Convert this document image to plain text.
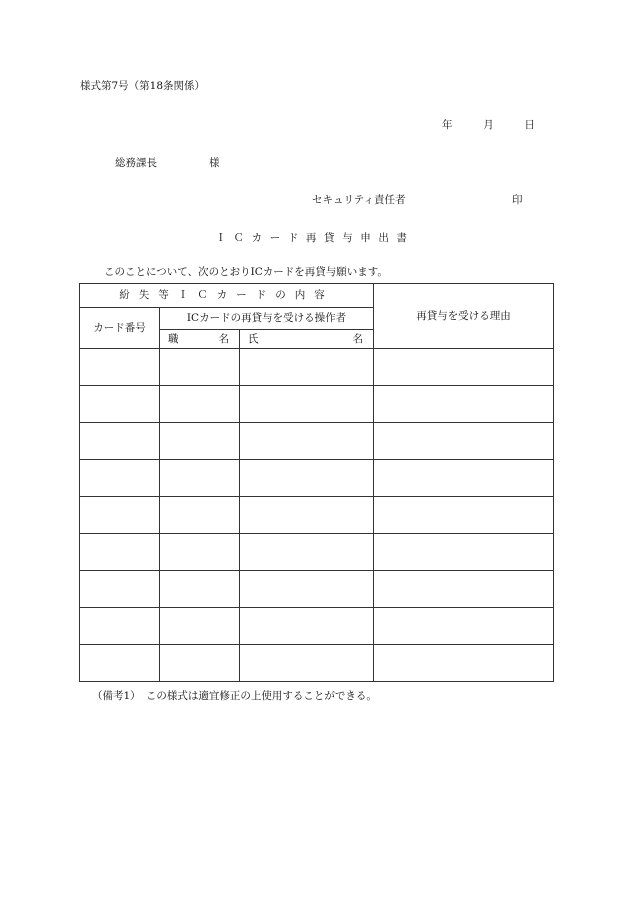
様式第7号（第18条関係）
年	月	日
総務課長	様
セキュリティ責任者	印
ＩＣカード再貸与申出書
このことについて、次のとおりICカードを再貸与願います。
紛失等ＩＣカードの内容			再貸与を受ける理由
カード番号	ICカードの再貸与を受ける操作者		

	職 名	氏 名	

（備考1）　この様式は適宜修正の上使用することができる。
